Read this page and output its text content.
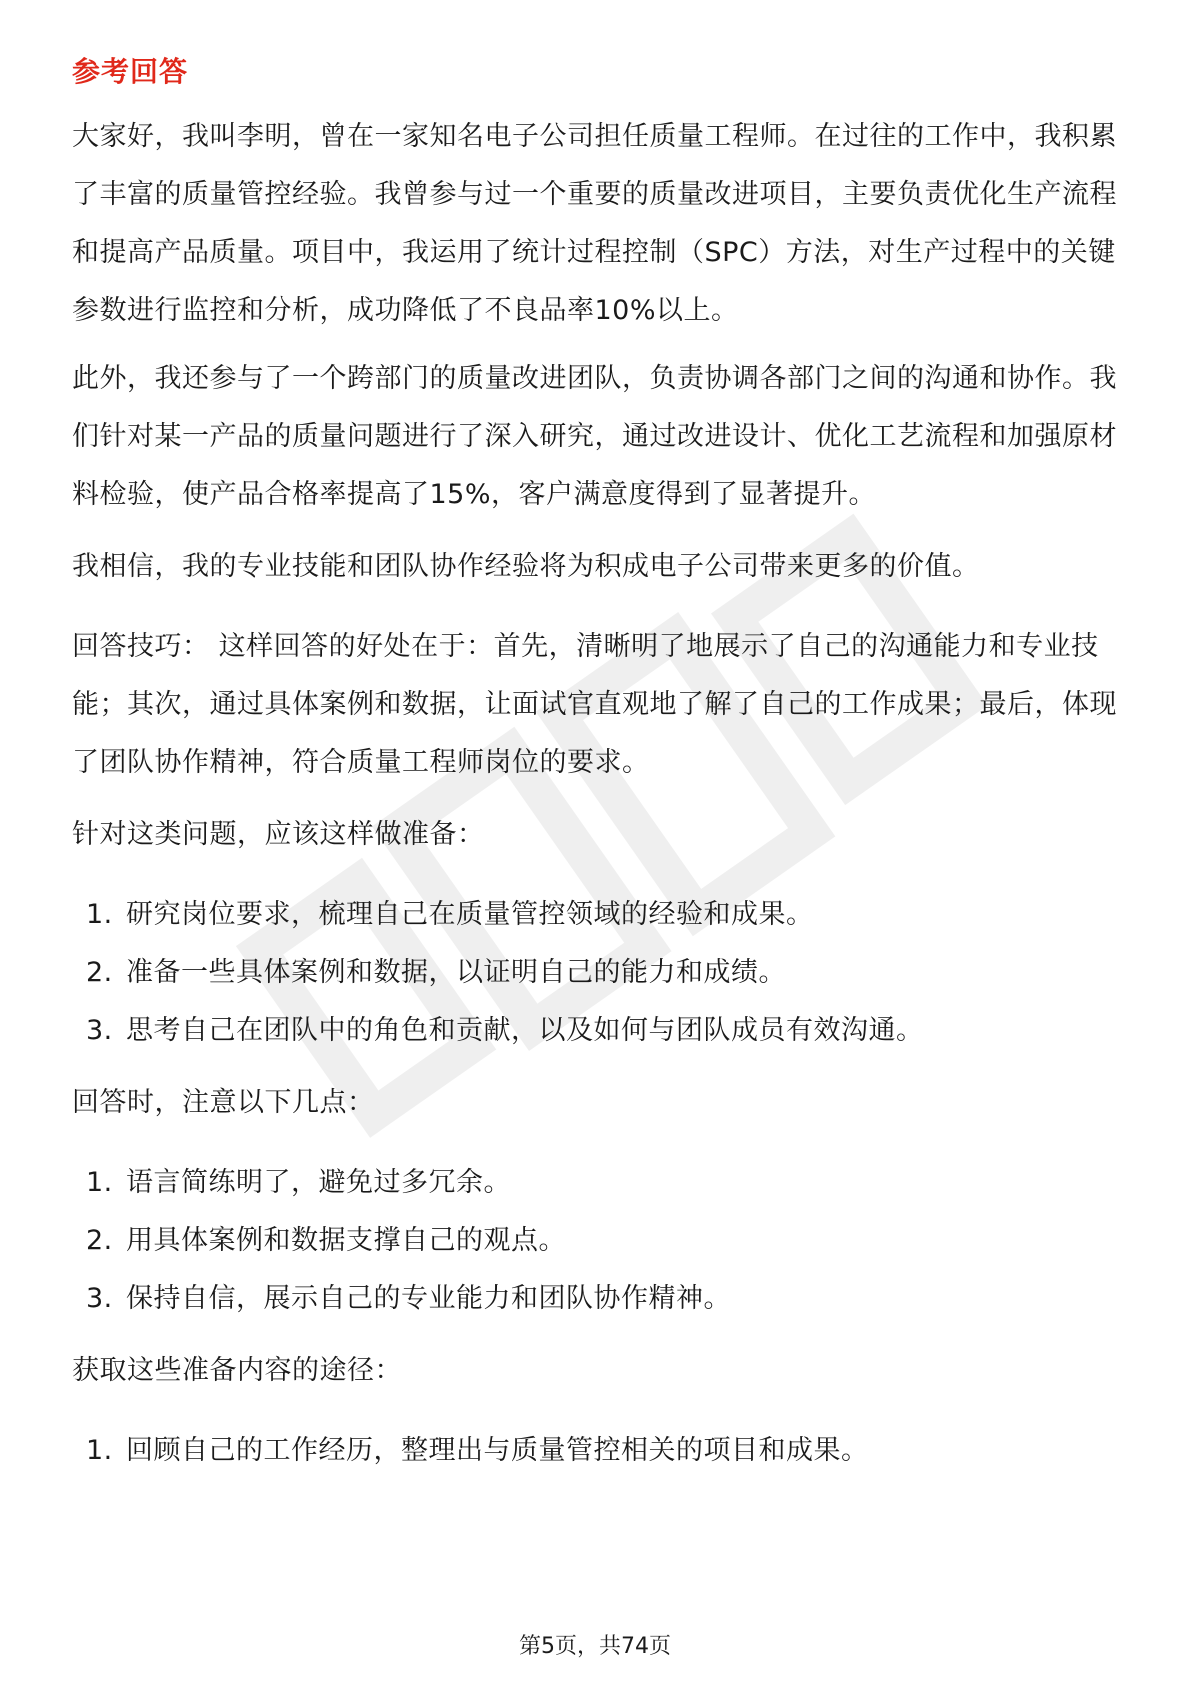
参考回答

大家好，我叫李明，曾在一家知名电子公司担任质量工程师。在过往的工作中，我积累了丰富的质量管控经验。我曾参与过一个重要的质量改进项目，主要负责优化生产流程和提高产品质量。项目中，我运用了统计过程控制（SPC）方法，对生产过程中的关键参数进行监控和分析，成功降低了不良品率10%以上。

此外，我还参与了一个跨部门的质量改进团队，负责协调各部门之间的沟通和协作。我们针对某一产品的质量问题进行了深入研究，通过改进设计、优化工艺流程和加强原材料检验，使产品合格率提高了15%，客户满意度得到了显著提升。

我相信，我的专业技能和团队协作经验将为积成电子公司带来更多的价值。

回答技巧： 这样回答的好处在于：首先，清晰明了地展示了自己的沟通能力和专业技能；其次，通过具体案例和数据，让面试官直观地了解了自己的工作成果；最后，体现了团队协作精神，符合质量工程师岗位的要求。

针对这类问题，应该这样做准备：

1. 研究岗位要求，梳理自己在质量管控领域的经验和成果。
2. 准备一些具体案例和数据，以证明自己的能力和成绩。
3. 思考自己在团队中的角色和贡献，以及如何与团队成员有效沟通。

回答时，注意以下几点：

1. 语言简练明了，避免过多冗余。
2. 用具体案例和数据支撑自己的观点。
3. 保持自信，展示自己的专业能力和团队协作精神。

获取这些准备内容的途径：

1. 回顾自己的工作经历，整理出与质量管控相关的项目和成果。
第5页，共74页
